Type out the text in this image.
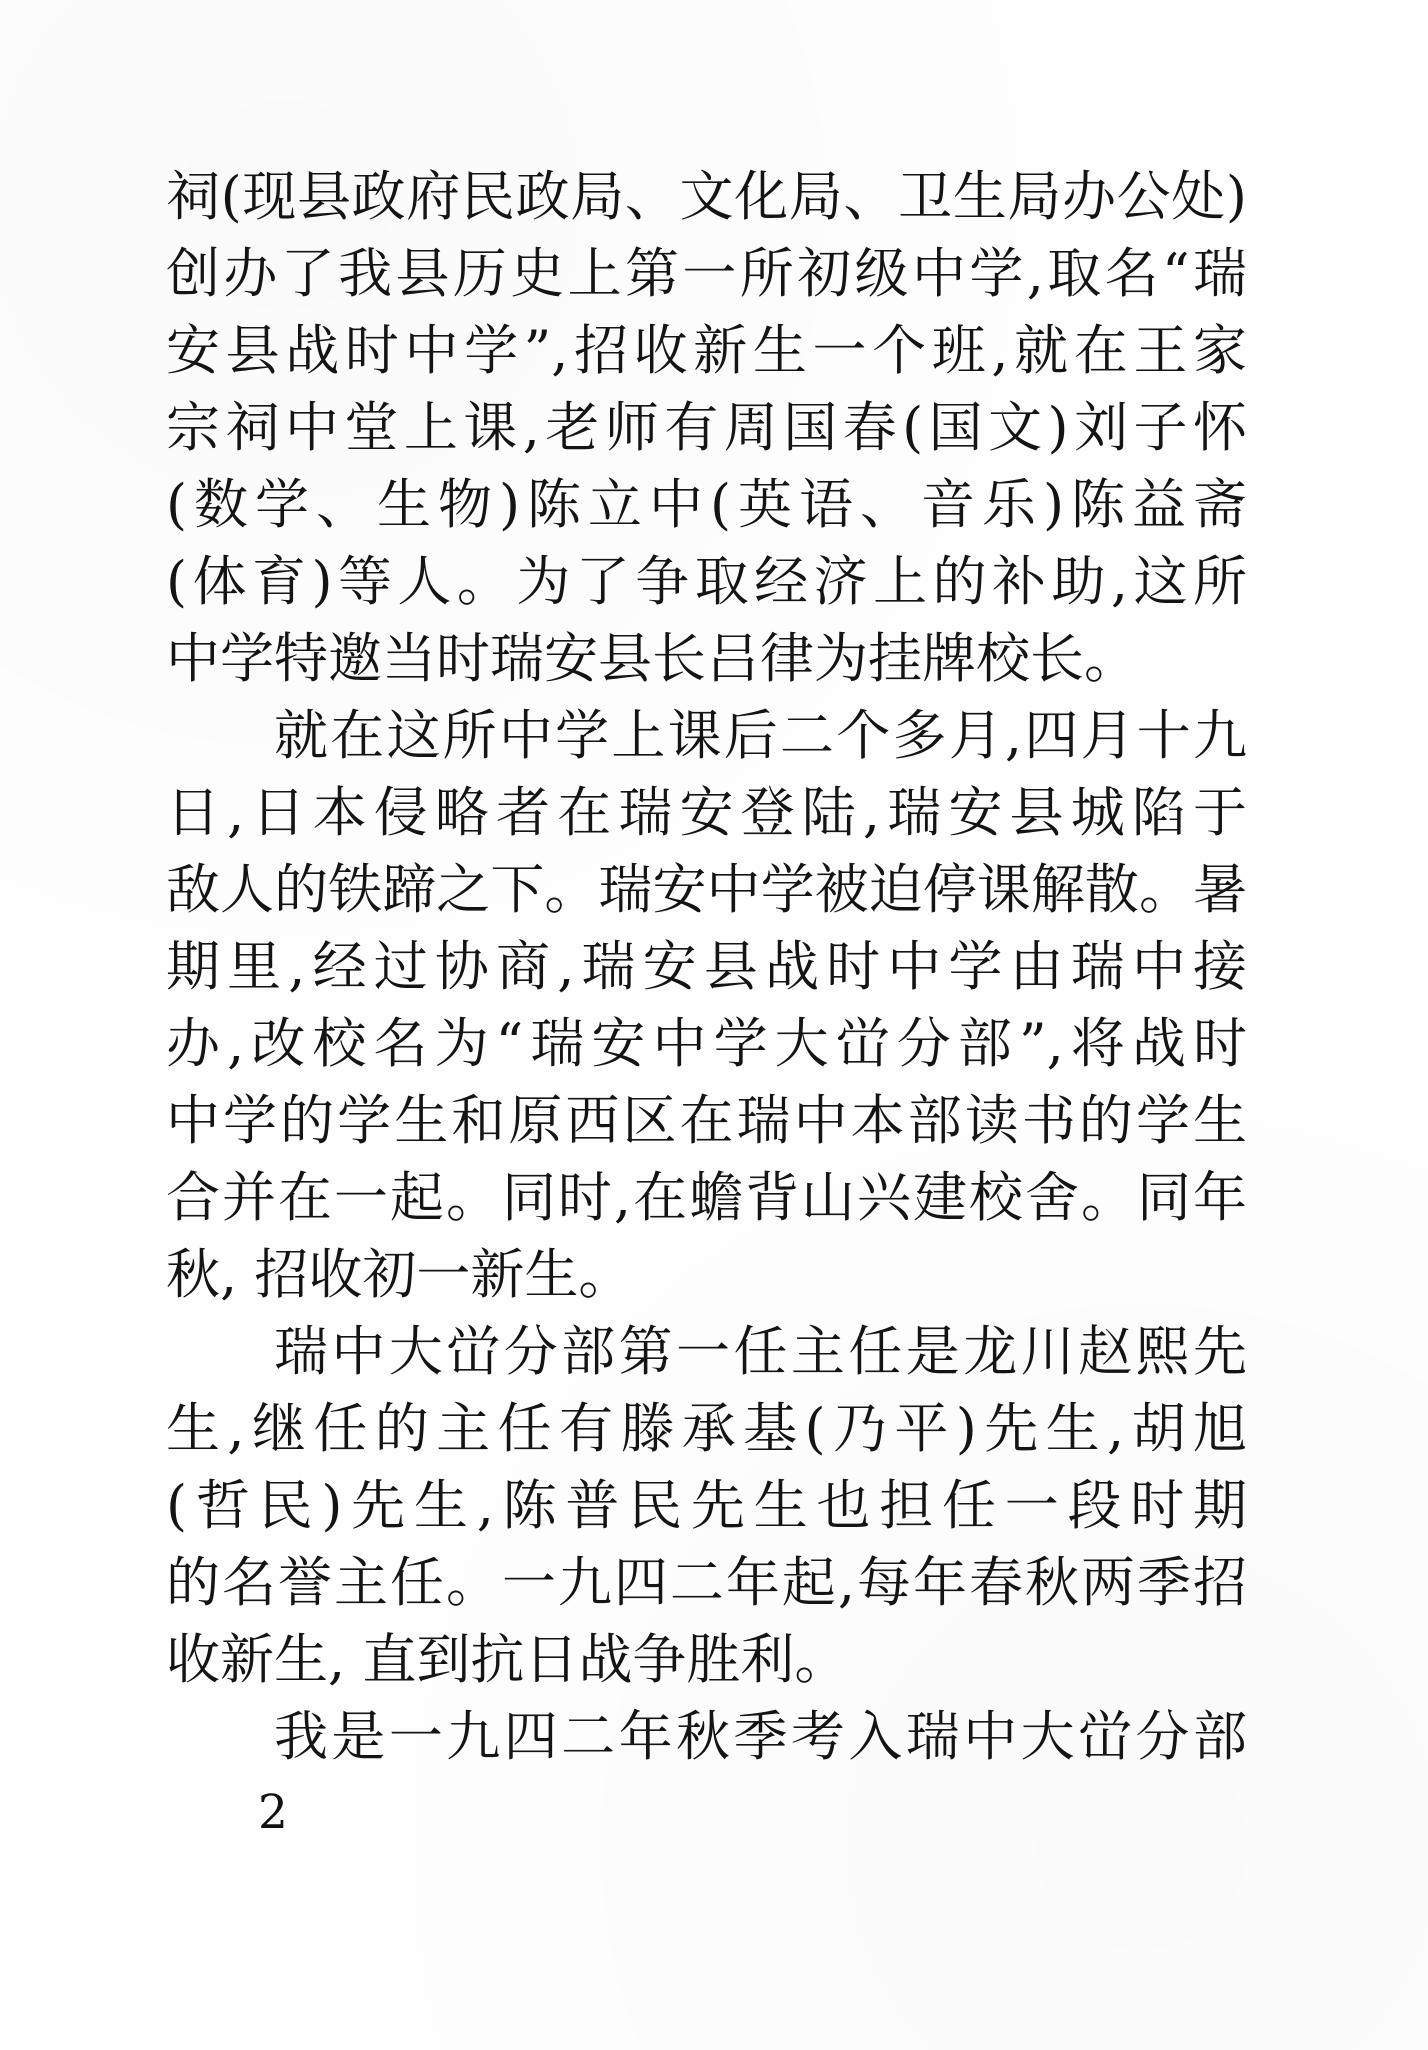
祠(现县政府民政局、文化局、卫生局办公处)
创办了我县历史上第一所初级中学,取名“瑞
安县战时中学”,招收新生一个班,就在王家
宗祠中堂上课,老师有周国春(国文)刘子怀
(数学、生物)陈立中(英语、音乐)陈益斋
(体育)等人。为了争取经济上的补助,这所
中学特邀当时瑞安县长吕律为挂牌校长。
就在这所中学上课后二个多月,四月十九
日,日本侵略者在瑞安登陆,瑞安县城陷于
敌人的铁蹄之下。瑞安中学被迫停课解散。暑
期里,经过协商,瑞安县战时中学由瑞中接
办,改校名为“瑞安中学大峃分部”,将战时
中学的学生和原西区在瑞中本部读书的学生
合并在一起。同时,在蟾背山兴建校舍。同年
秋, 招收初一新生。
瑞中大峃分部第一任主任是龙川赵熙先
生,继任的主任有滕承基(乃平)先生,胡旭
(哲民)先生,陈普民先生也担任一段时期
的名誉主任。一九四二年起,每年春秋两季招
收新生, 直到抗日战争胜利。
我是一九四二年秋季考入瑞中大峃分部
2
